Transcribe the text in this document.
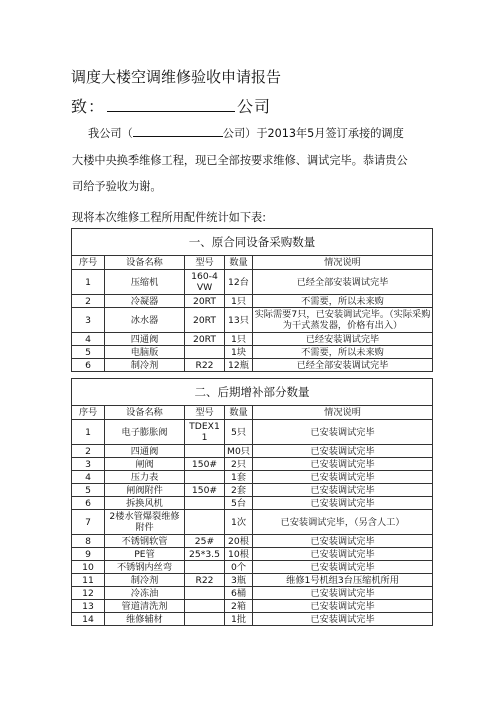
调度大楼空调维修验收申请报告
致：	公司
我公司（	公司）于2013年5月签订承接的调度
大楼中央换季维修工程，现已全部按要求维修、调试完毕。恭请贵公
司给予验收为谢。
现将本次维修工程所用配件统计如下表:
一、原合同设备采购数量				
序号	设备名称	型号	数量	情况说明
1	压缩机	160-4 VW	12台	已经全部安装调试完毕
2	冷凝器	20RT	1只	不需要，所以未来购
3	冰水器	20RT	13只	实际需要7只，已安装调试完毕。（实际采购为干式蒸发器，价格有出入）
4	四通阀	20RT	1只	已经安装调试完毕
5	电脑版		1块	不需要，所以未来购
6	制冷剂	R22	12瓶	已经全部安装调试完毕
二、后期增补部分数量				
序号	设备名称	型号	数量	情况说明
1	电子膨胀阀	TDEX1 1	5只	已安装调试完毕
2	四通阀		M0只	已安装调试完毕
3	闸阀	150#	2只	已安装调试完毕
4	压力表		1套	已安装调试完毕
5	闸阀附件	150#	2套	已安装调试完毕
6	拆换风机		5台	已安装调试完毕
7	2楼水管爆裂维修附件		1次	已安装调试完毕，（另含人工）
8	不锈钢软管	25#	20根	已安装调试完毕
9	PE管	25*3.5	10根	已安装调试完毕
10	不锈钢内丝弯		0个	已安装调试完毕
11	制冷剂	R22	3瓶	维修1号机组3台压缩机所用
12	冷冻油		6桶	已安装调试完毕
13	管道清洗剂		2箱	已安装调试完毕
14	维修辅材		1批	已安装调试完毕
